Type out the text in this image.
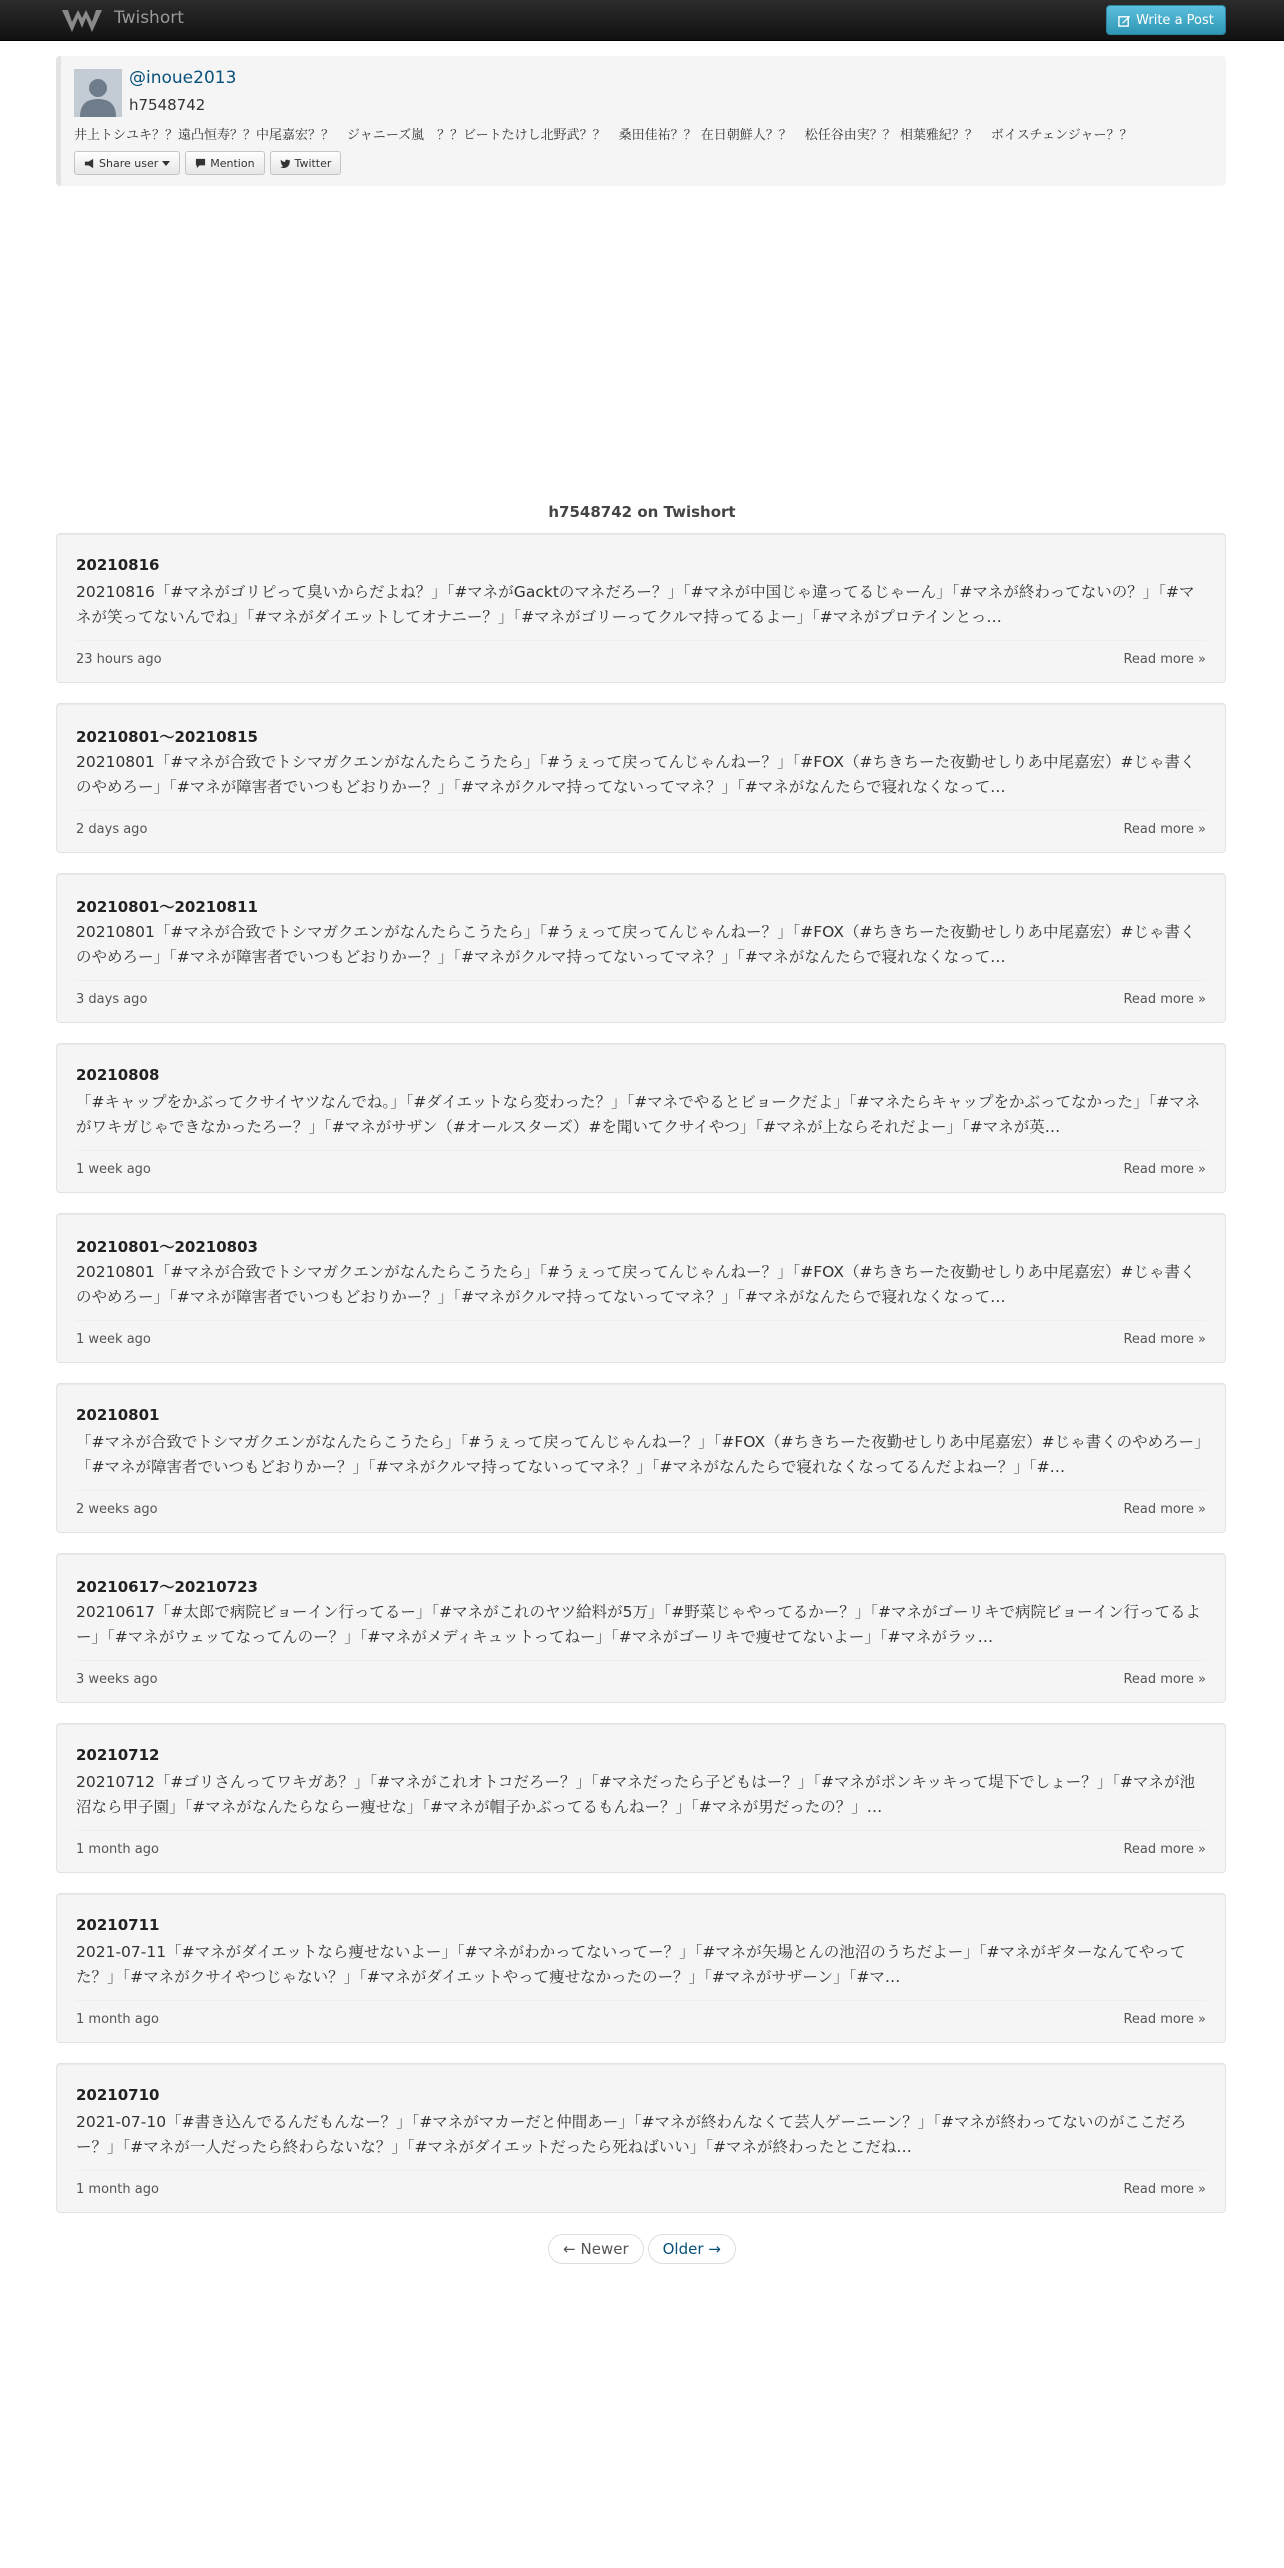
Twishort	Write a Post
@inoue2013
h7548742
井上トシユキ？？遠凸恒寿？？中尾嘉宏？？　ジャニーズ嵐　？？ビートたけし北野武？？　桑田佳祐？？ 在日朝鮮人？？　松任谷由実？？ 相葉雅紀？？　ボイスチェンジャー？？
Share user	Mention	Twitter
h7548742 on Twishort
20210816
20210816「#マネがゴリピって臭いからだよね？」「#マネがGacktのマネだろー？」「#マネが中国じゃ違ってるじゃーん」「#マネが終わってないの？」「#マネが笑ってないんでね」「#マネがダイエットしてオナニー？」「#マネがゴリーってクルマ持ってるよー」「#マネがプロテインとっ…
23 hours ago	Read more »
20210801～20210815
20210801「#マネが合致でトシマガクエンがなんたらこうたら」「#うぇって戻ってんじゃんねー？」「#FOX（#ちきちーた夜勤せしりあ中尾嘉宏）#じゃ書くのやめろー」「#マネが障害者でいつもどおりかー？」「#マネがクルマ持ってないってマネ？」「#マネがなんたらで寝れなくなって…
2 days ago	Read more »
20210801～20210811
20210801「#マネが合致でトシマガクエンがなんたらこうたら」「#うぇって戻ってんじゃんねー？」「#FOX（#ちきちーた夜勤せしりあ中尾嘉宏）#じゃ書くのやめろー」「#マネが障害者でいつもどおりかー？」「#マネがクルマ持ってないってマネ？」「#マネがなんたらで寝れなくなって…
3 days ago	Read more »
20210808
「#キャップをかぶってクサイヤツなんでね。」「#ダイエットなら変わった？」「#マネでやるとビョークだよ」「#マネたらキャップをかぶってなかった」「#マネがワキガじゃできなかったろー？」「#マネがサザン（#オールスターズ）#を聞いてクサイやつ」「#マネが上ならそれだよー」「#マネが英…
1 week ago	Read more »
20210801～20210803
20210801「#マネが合致でトシマガクエンがなんたらこうたら」「#うぇって戻ってんじゃんねー？」「#FOX（#ちきちーた夜勤せしりあ中尾嘉宏）#じゃ書くのやめろー」「#マネが障害者でいつもどおりかー？」「#マネがクルマ持ってないってマネ？」「#マネがなんたらで寝れなくなって…
1 week ago	Read more »
20210801
「#マネが合致でトシマガクエンがなんたらこうたら」「#うぇって戻ってんじゃんねー？」「#FOX（#ちきちーた夜勤せしりあ中尾嘉宏）#じゃ書くのやめろー」「#マネが障害者でいつもどおりかー？」「#マネがクルマ持ってないってマネ？」「#マネがなんたらで寝れなくなってるんだよねー？」「#…
2 weeks ago	Read more »
20210617～20210723
20210617「#太郎で病院ビョーイン行ってるー」「#マネがこれのヤツ給料が5万」「#野菜じゃやってるかー？」「#マネがゴーリキで病院ビョーイン行ってるよー」「#マネがウェッてなってんのー？」「#マネがメディキュットってねー」「#マネがゴーリキで痩せてないよー」「#マネがラッ…
3 weeks ago	Read more »
20210712
20210712「#ゴリさんってワキガあ？」「#マネがこれオトコだろー？」「#マネだったら子どもはー？」「#マネがポンキッキって堤下でしょー？」「#マネが池沼なら甲子園」「#マネがなんたらならー痩せな」「#マネが帽子かぶってるもんねー？」「#マネが男だったの？」…
1 month ago	Read more »
20210711
2021-07-11「#マネがダイエットなら痩せないよー」「#マネがわかってないってー？」「#マネが矢場とんの池沼のうちだよー」「#マネがギターなんてやってた？」「#マネがクサイやつじゃない？」「#マネがダイエットやって痩せなかったのー？」「#マネがサザーン」「#マ…
1 month ago	Read more »
20210710
2021-07-10「#書き込んでるんだもんなー？」「#マネがマカーだと仲間あー」「#マネが終わんなくて芸人ゲーニーン？」「#マネが終わってないのがここだろー？」「#マネが一人だったら終わらないな？」「#マネがダイエットだったら死ねばいい」「#マネが終わったとこだね…
1 month ago	Read more »
← Newer	Older →
